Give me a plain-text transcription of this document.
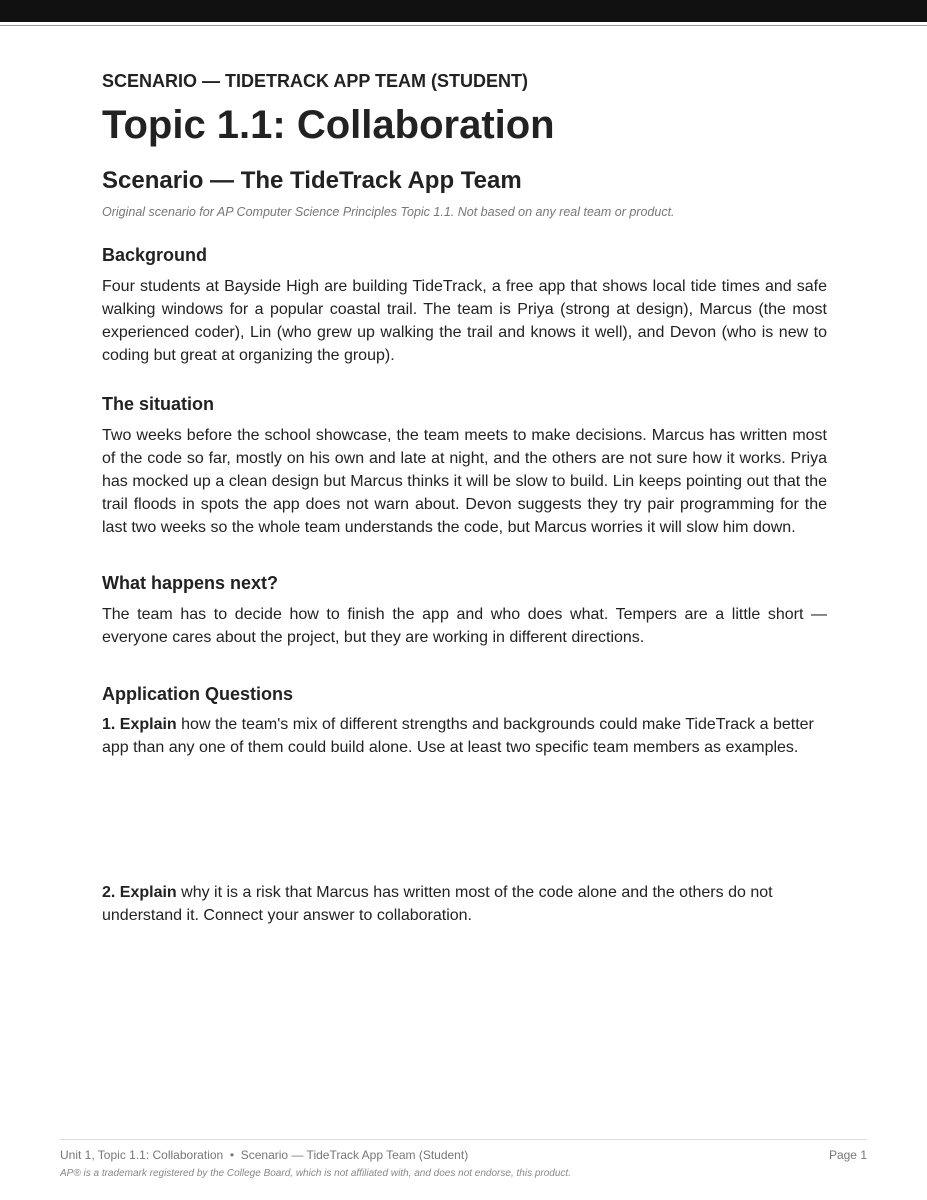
SCENARIO — TIDETRACK APP TEAM (STUDENT)

Topic 1.1: Collaboration
Scenario — The TideTrack App Team

Original scenario for AP Computer Science Principles Topic 1.1. Not based on any real team or product.

Background

Four students at Bayside High are building TideTrack, a free app that shows local tide times and safe walking windows for a popular coastal trail. The team is Priya (strong at design), Marcus (the most experienced coder), Lin (who grew up walking the trail and knows it well), and Devon (who is new to coding but great at organizing the group).

The situation

Two weeks before the school showcase, the team meets to make decisions. Marcus has written most of the code so far, mostly on his own and late at night, and the others are not sure how it works. Priya has mocked up a clean design but Marcus thinks it will be slow to build. Lin keeps pointing out that the trail floods in spots the app does not warn about. Devon suggests they try pair programming for the last two weeks so the whole team understands the code, but Marcus worries it will slow him down.

What happens next?

The team has to decide how to finish the app and who does what. Tempers are a little short — everyone cares about the project, but they are working in different directions.

Application Questions

1. Explain how the team's mix of different strengths and backgrounds could make TideTrack a better app than any one of them could build alone. Use at least two specific team members as examples.

2. Explain why it is a risk that Marcus has written most of the code alone and the others do not understand it. Connect your answer to collaboration.

Unit 1, Topic 1.1: Collaboration  •  Scenario — TideTrack App Team (Student)	Page 1
AP® is a trademark registered by the College Board, which is not affiliated with, and does not endorse, this product.
